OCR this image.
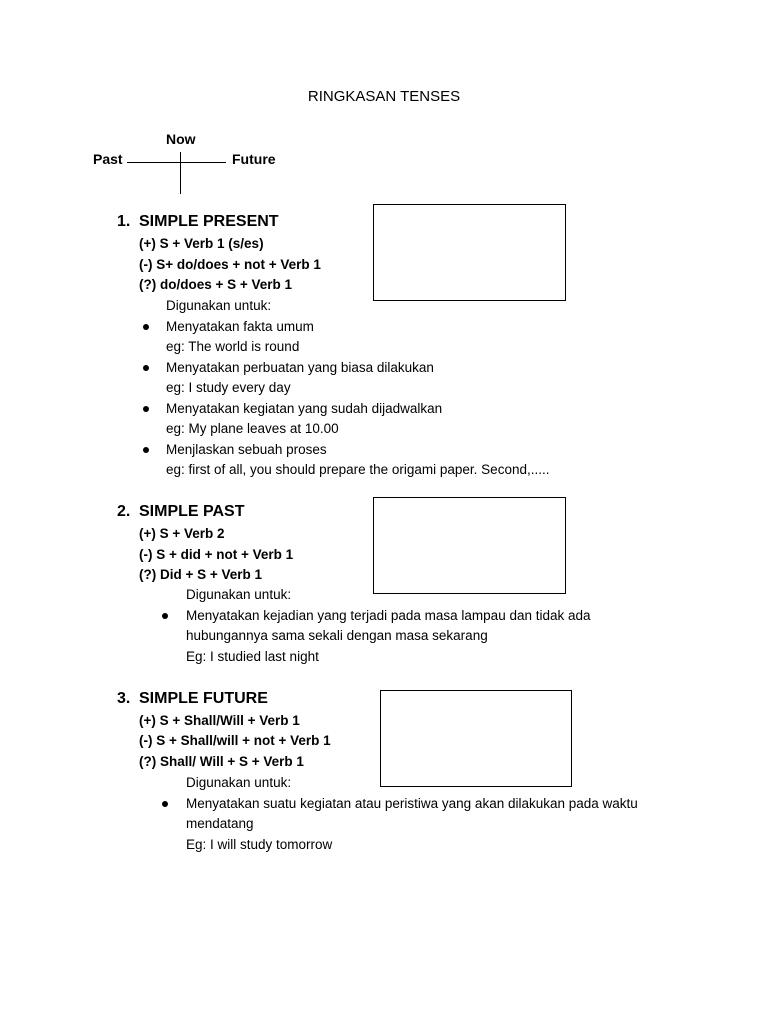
RINGKASAN TENSES
Now
Past	Future
1. SIMPLE PRESENT
(+) S + Verb 1 (s/es)
(-) S+ do/does + not + Verb 1
(?) do/does + S + Verb 1
Digunakan untuk:
Menyatakan fakta umum
eg: The world is round
Menyatakan perbuatan yang biasa dilakukan
eg: I study every day
Menyatakan kegiatan yang sudah dijadwalkan
eg: My plane leaves at 10.00
Menjlaskan sebuah proses
eg: first of all, you should prepare the origami paper. Second,.....
2. SIMPLE PAST
(+) S + Verb 2
(-) S + did + not + Verb 1
(?) Did + S + Verb 1
Digunakan untuk:
Menyatakan kejadian yang terjadi pada masa lampau dan tidak ada hubungannya sama sekali dengan masa sekarang
Eg: I studied last night
3. SIMPLE FUTURE
(+) S + Shall/Will + Verb 1
(-) S + Shall/will + not + Verb 1
(?) Shall/ Will + S + Verb 1
Digunakan untuk:
Menyatakan suatu kegiatan atau peristiwa yang akan dilakukan pada waktu mendatang
Eg: I will study tomorrow
